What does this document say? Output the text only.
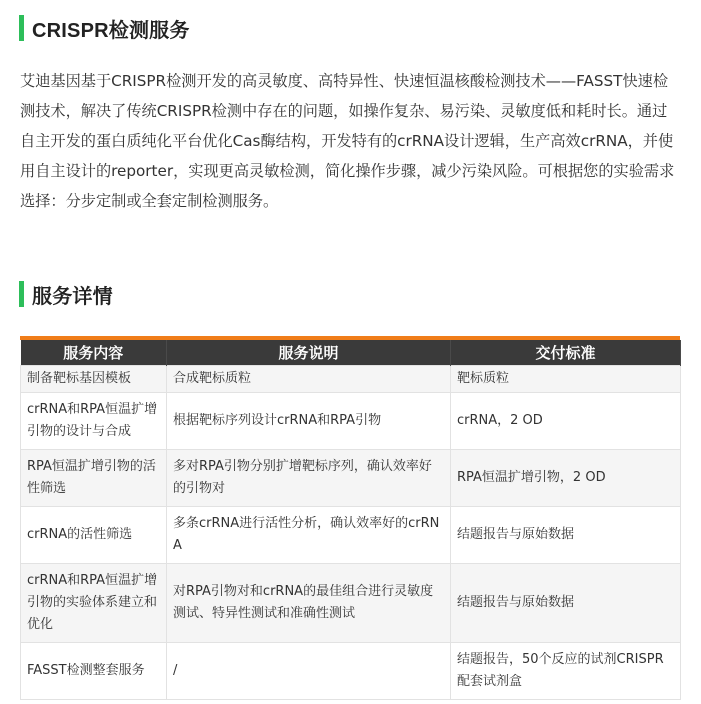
CRISPR检测服务

艾迪基因基于CRISPR检测开发的高灵敏度、高特异性、快速恒温核酸检测技术——FASST快速检测技术，解决了传统CRISPR检测中存在的问题，如操作复杂、易污染、灵敏度低和耗时长。通过自主开发的蛋白质纯化平台优化Cas酶结构，开发特有的crRNA设计逻辑，生产高效crRNA，并使用自主设计的reporter，实现更高灵敏检测，简化操作步骤，减少污染风险。可根据您的实验需求选择：分步定制或全套定制检测服务。

服务详情
服务内容	服务说明	交付标准
制备靶标基因模板	合成靶标质粒	靶标质粒
crRNA和RPA恒温扩增引物的设计与合成	根据靶标序列设计crRNA和RPA引物	crRNA，2 OD
RPA恒温扩增引物的活性筛选	多对RPA引物分别扩增靶标序列，确认效率好的引物对	RPA恒温扩增引物，2 OD
crRNA的活性筛选	多条crRNA进行活性分析，确认效率好的crRNA	结题报告与原始数据
crRNA和RPA恒温扩增引物的实验体系建立和优化	对RPA引物对和crRNA的最佳组合进行灵敏度测试、特异性测试和准确性测试	结题报告与原始数据
FASST检测整套服务	/	结题报告，50个反应的试剂CRISPR配套试剂盒
